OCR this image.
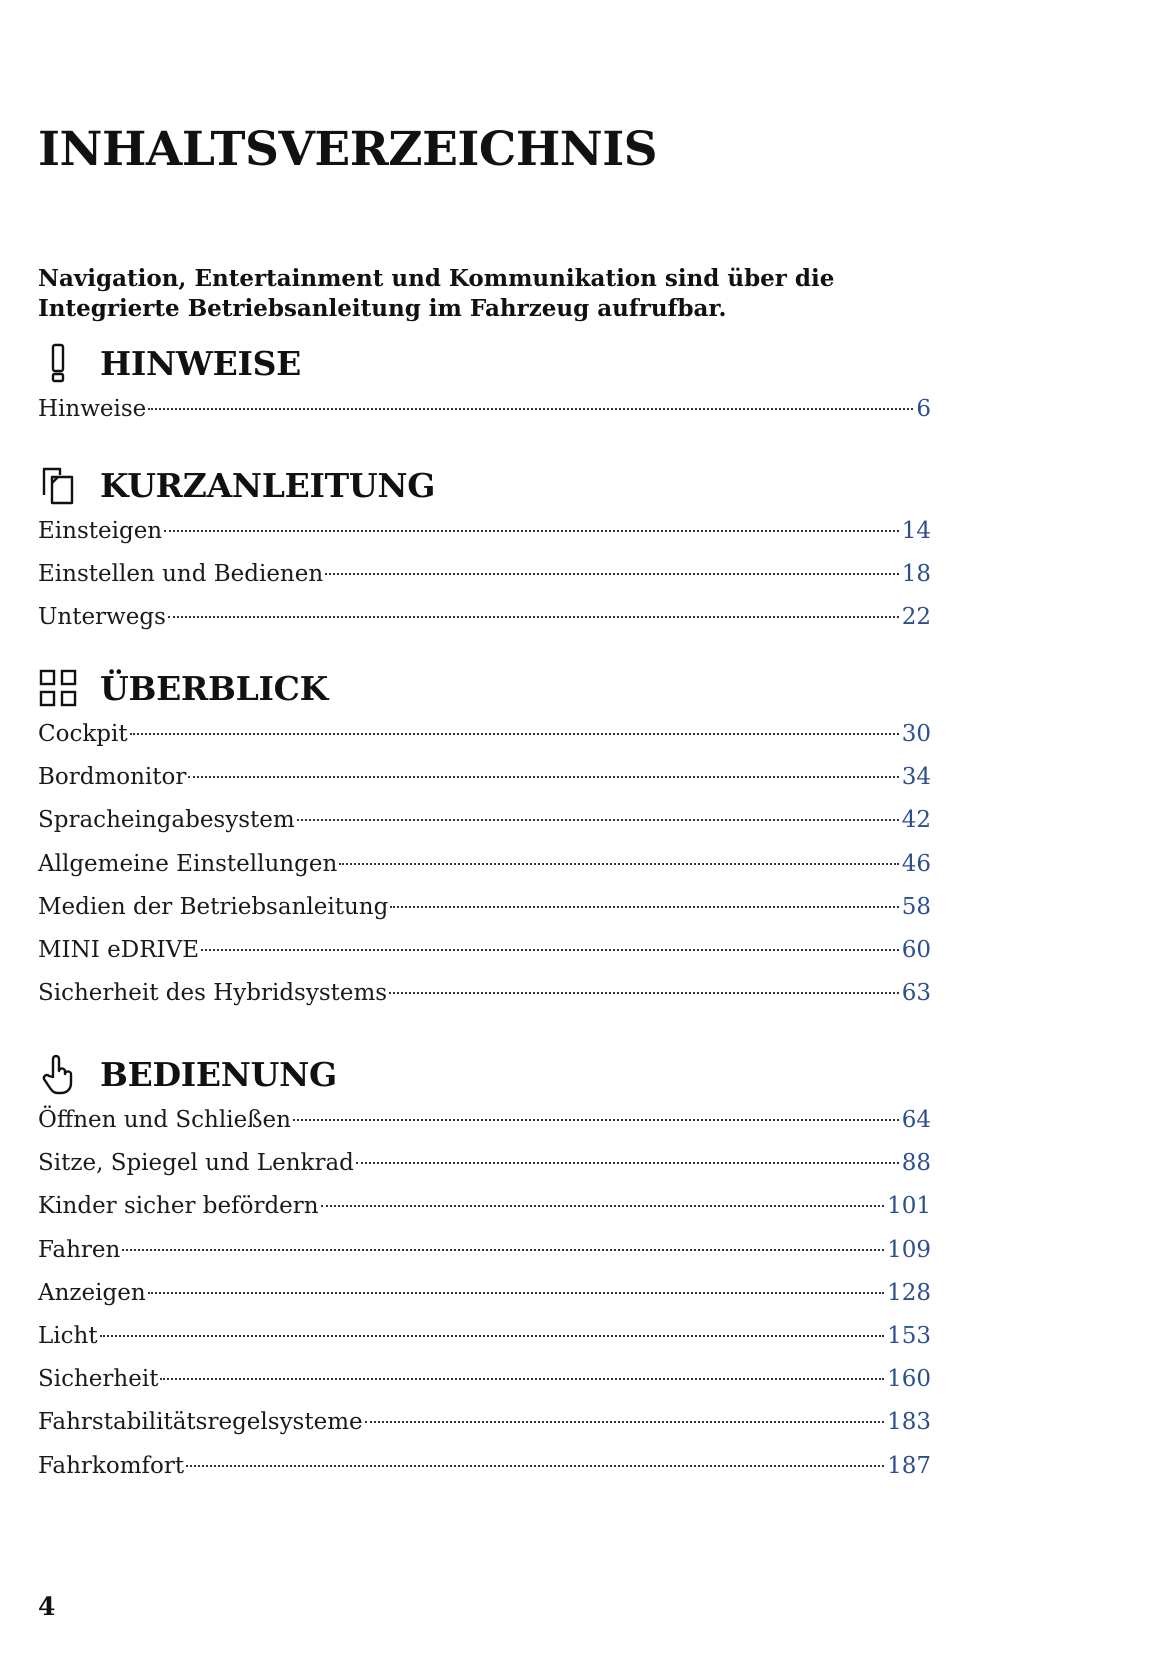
INHALTSVERZEICHNIS

Navigation, Entertainment und Kommunikation sind über die Integrierte Betriebsanleitung im Fahrzeug aufrufbar.

HINWEISE
Hinweise	6
KURZANLEITUNG
Einsteigen	14
Einstellen und Bedienen	18
Unterwegs	22
ÜBERBLICK
Cockpit	30
Bordmonitor	34
Spracheingabesystem	42
Allgemeine Einstellungen	46
Medien der Betriebsanleitung	58
MINI eDRIVE	60
Sicherheit des Hybridsystems	63
BEDIENUNG
Öffnen und Schließen	64
Sitze, Spiegel und Lenkrad	88
Kinder sicher befördern	101
Fahren	109
Anzeigen	128
Licht	153
Sicherheit	160
Fahrstabilitätsregelsysteme	183
Fahrkomfort	187
4
